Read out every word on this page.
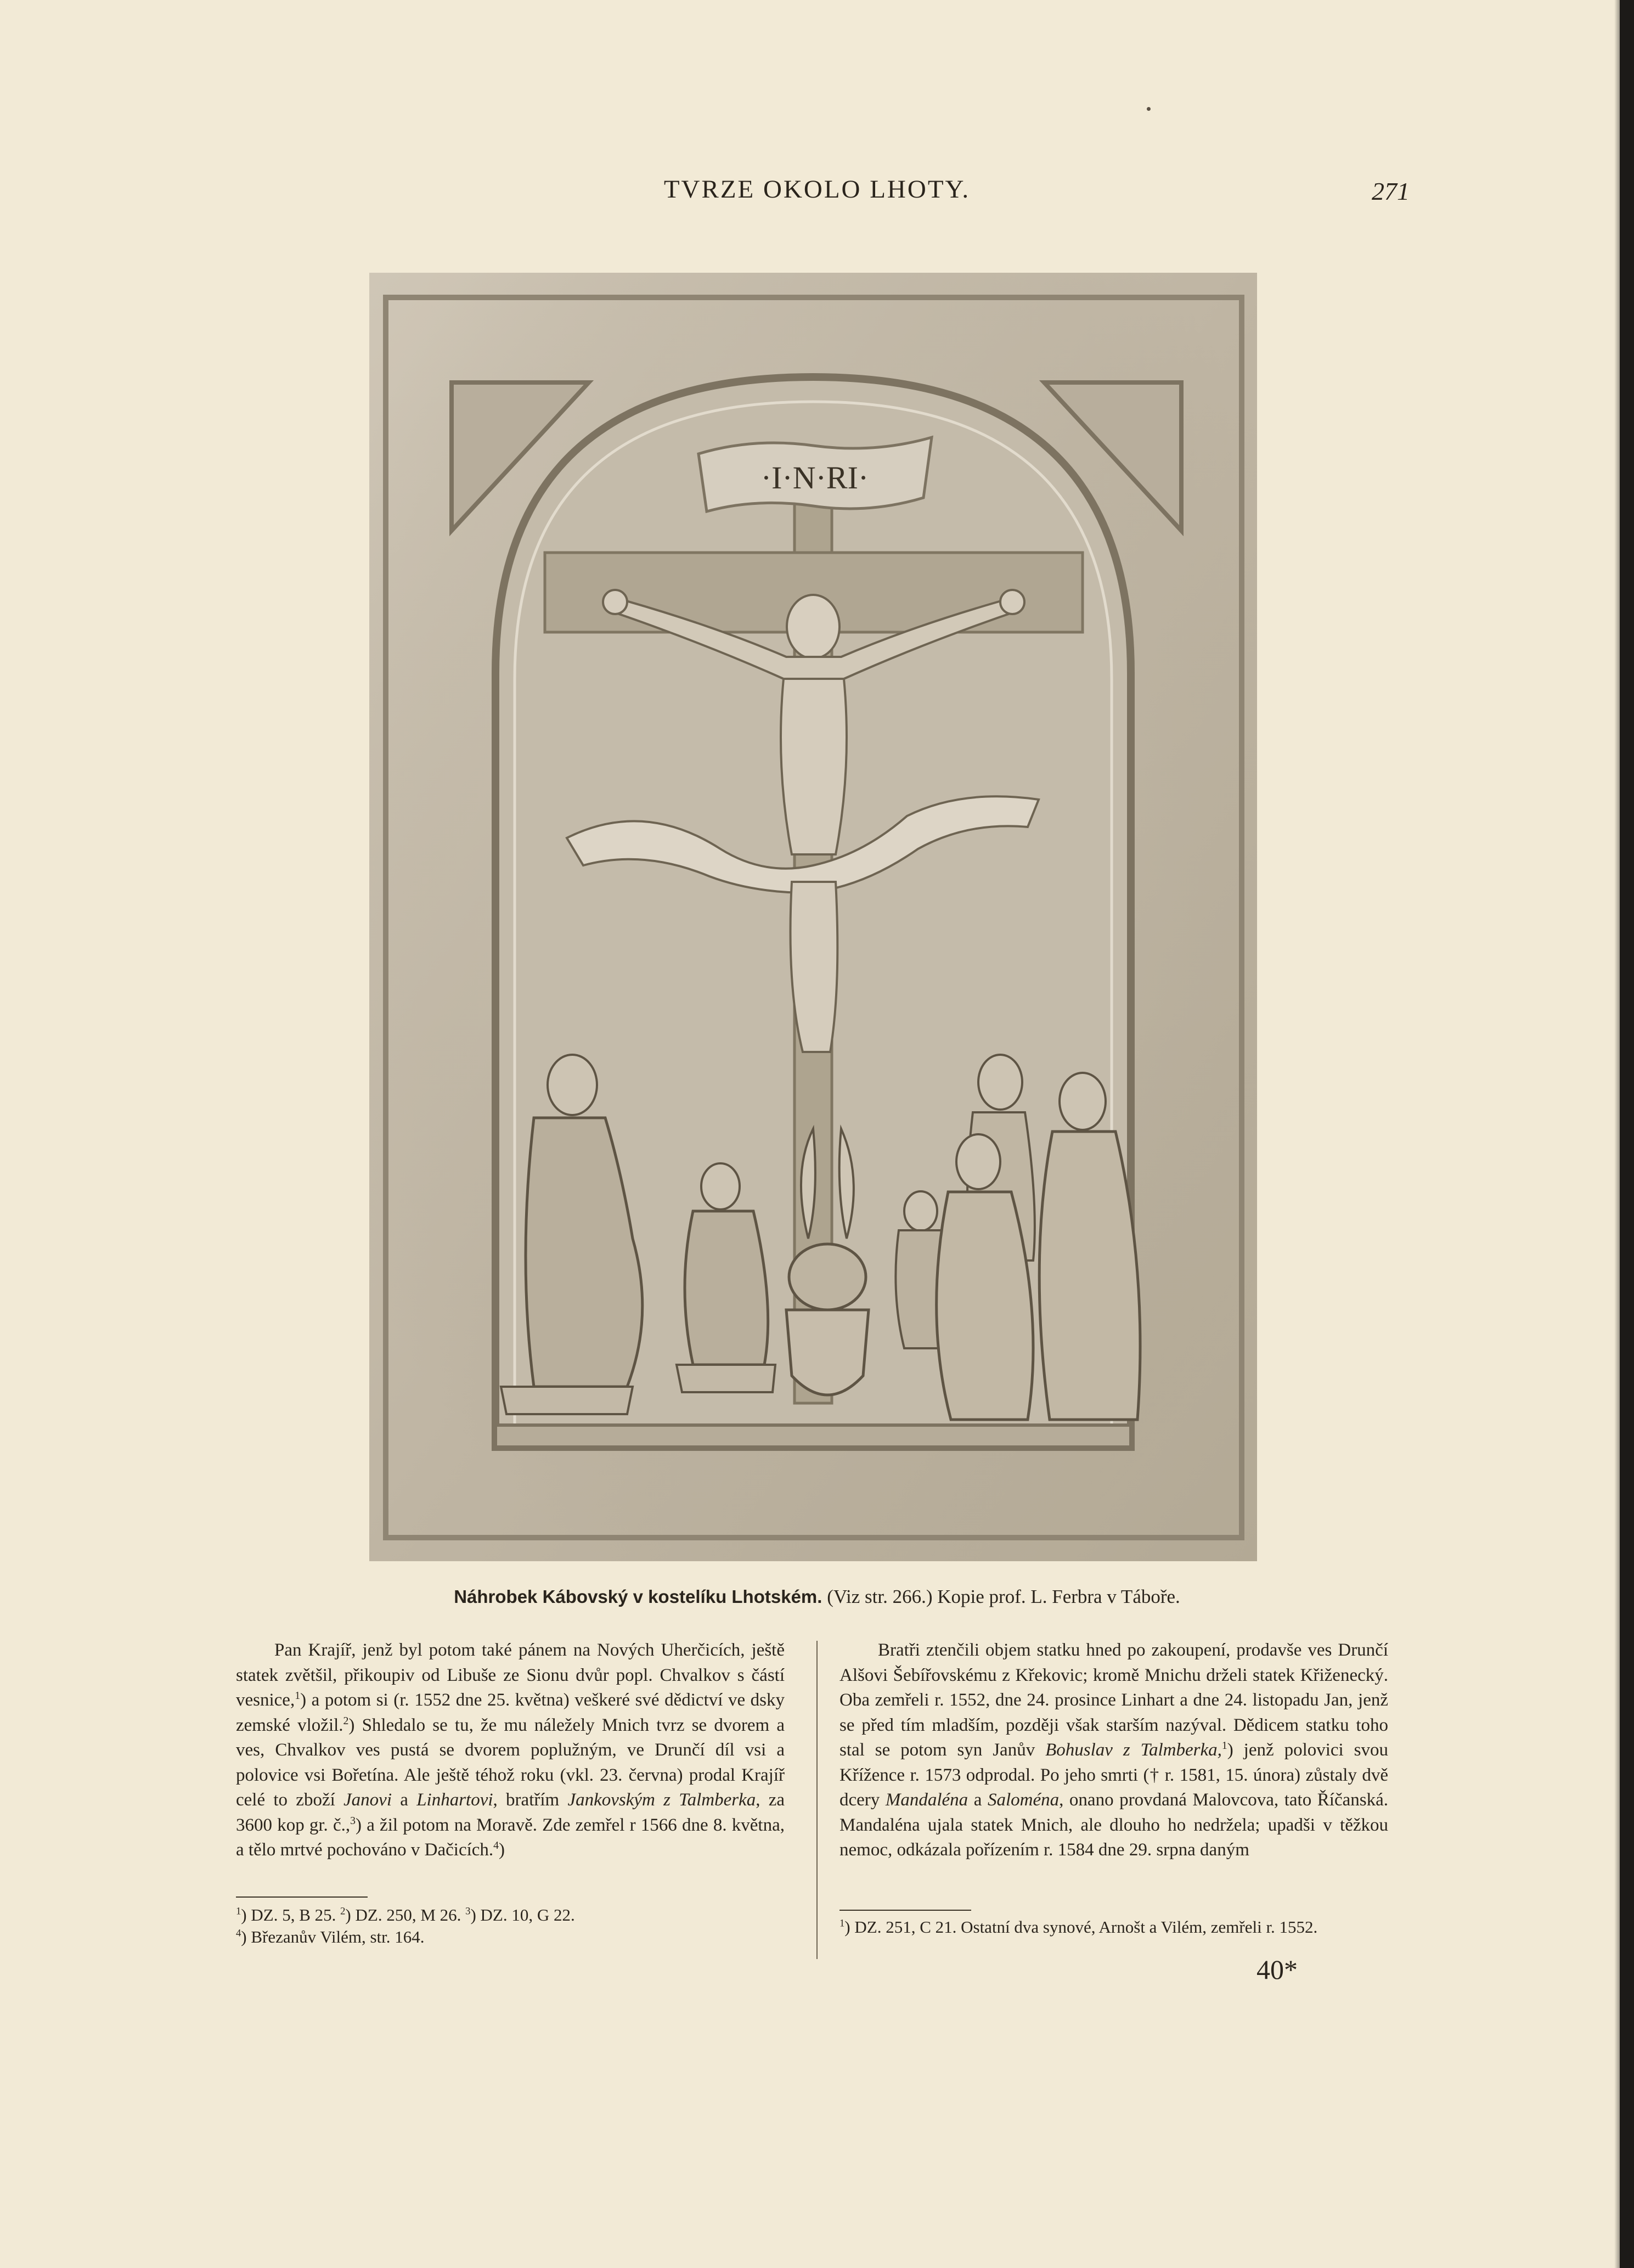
TVRZE OKOLO LHOTY.	271
·I·N·RI·
Náhrobek Kábovský v kostelíku Lhotském. (Viz str. 266.) Kopie prof. L. Ferbra v Táboře.

Pan Krajíř, jenž byl potom také pánem na Nových Uherčicích, ještě statek zvětšil, přikoupiv od Libuše ze Sionu dvůr popl. Chvalkov s částí vesnice,$^1$) a potom si (r. 1552 dne 25. května) veškeré své dědictví ve dsky zemské vložil.$^2$) Shledalo se tu, že mu náležely Mnich tvrz se dvorem a ves, Chvalkov ves pustá se dvorem poplužným, ve Drunčí díl vsi a polovice vsi Bořetína. Ale ještě téhož roku (vkl. 23. června) prodal Krajíř celé to zboží Janovi a Linhartovi, bratřím Jankovským z Talmberka, za 3600 kop gr. č.,$^3$) a žil potom na Moravě. Zde zemřel r 1566 dne 8. května, a tělo mrtvé pochováno v Dačicích.$^4$)

$^1$) DZ. 5, B 25. $^2$) DZ. 250, M 26. $^3$) DZ. 10, G 22.
$^4$) Březanův Vilém, str. 164.

Bratři ztenčili objem statku hned po zakoupení, prodavše ves Drunčí Alšovi Šebířovskému z Křekovic; kromě Mnichu drželi statek Křiženecký. Oba zemřeli r. 1552, dne 24. prosince Linhart a dne 24. listopadu Jan, jenž se před tím mladším, později však starším nazýval. Dědicem statku toho stal se potom syn Janův Bohuslav z Talmberka,$^1$) jenž polovici svou Křížence r. 1573 odprodal. Po jeho smrti († r. 1581, 15. února) zůstaly dvě dcery Mandaléna a Saloména, onano provdaná Malovcova, tato Říčanská. Mandaléna ujala statek Mnich, ale dlouho ho nedržela; upadši v těžkou nemoc, odkázala pořízením r. 1584 dne 29. srpna daným

$^1$) DZ. 251, C 21. Ostatní dva synové, Arnošt a Vilém, zemřeli r. 1552.
40*
